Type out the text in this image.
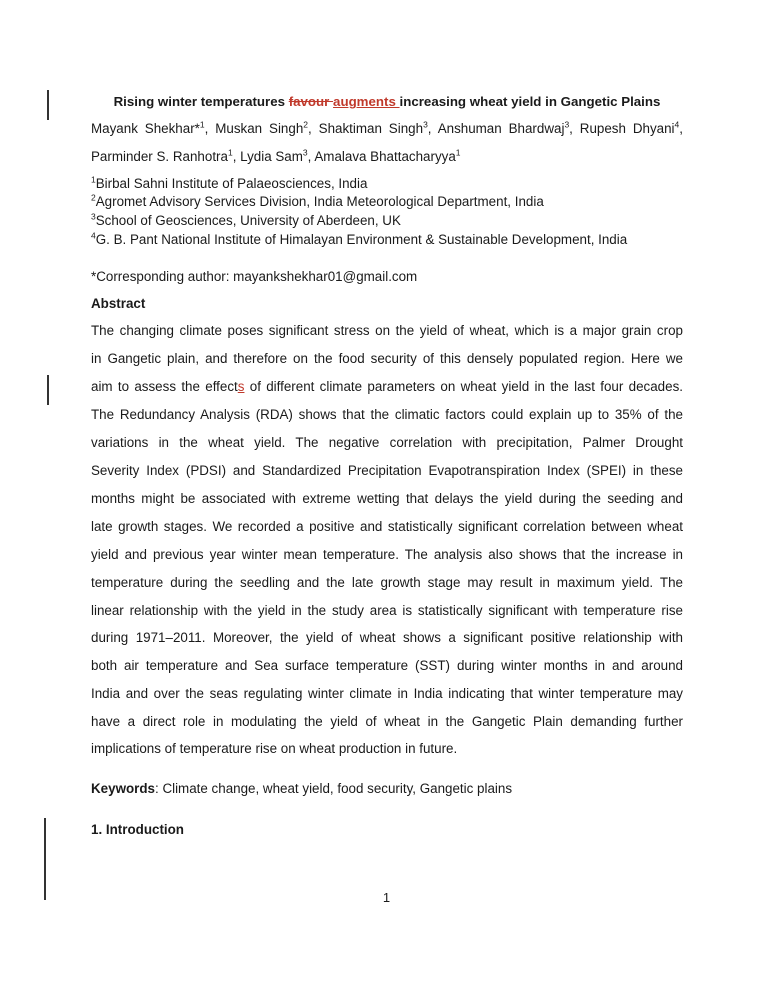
Rising winter temperatures favour augments increasing wheat yield in Gangetic Plains
Mayank Shekhar*$^1$, Muskan Singh$^2$, Shaktiman Singh$^3$, Anshuman Bhardwaj$^3$, Rupesh Dhyani$^4$,
Parminder S. Ranhotra$^1$, Lydia Sam$^3$, Amalava Bhattacharyya$^1$
$^1$Birbal Sahni Institute of Palaeosciences, India
$^2$Agromet Advisory Services Division, India Meteorological Department, India
$^3$School of Geosciences, University of Aberdeen, UK
$^4$G. B. Pant National Institute of Himalayan Environment & Sustainable Development, India
*Corresponding author: mayankshekhar01@gmail.com
Abstract
The changing climate poses significant stress on the yield of wheat, which is a major grain crop
in Gangetic plain, and therefore on the food security of this densely populated region. Here we
aim to assess the effects of different climate parameters on wheat yield in the last four decades.
The Redundancy Analysis (RDA) shows that the climatic factors could explain up to 35% of the
variations in the wheat yield. The negative correlation with precipitation, Palmer Drought
Severity Index (PDSI) and Standardized Precipitation Evapotranspiration Index (SPEI) in these
months might be associated with extreme wetting that delays the yield during the seeding and
late growth stages. We recorded a positive and statistically significant correlation between wheat
yield and previous year winter mean temperature. The analysis also shows that the increase in
temperature during the seedling and the late growth stage may result in maximum yield. The
linear relationship with the yield in the study area is statistically significant with temperature rise
during 1971–2011. Moreover, the yield of wheat shows a significant positive relationship with
both air temperature and Sea surface temperature (SST) during winter months in and around
India and over the seas regulating winter climate in India indicating that winter temperature may
have a direct role in modulating the yield of wheat in the Gangetic Plain demanding further
implications of temperature rise on wheat production in future.
Keywords: Climate change, wheat yield, food security, Gangetic plains
1. Introduction
1
